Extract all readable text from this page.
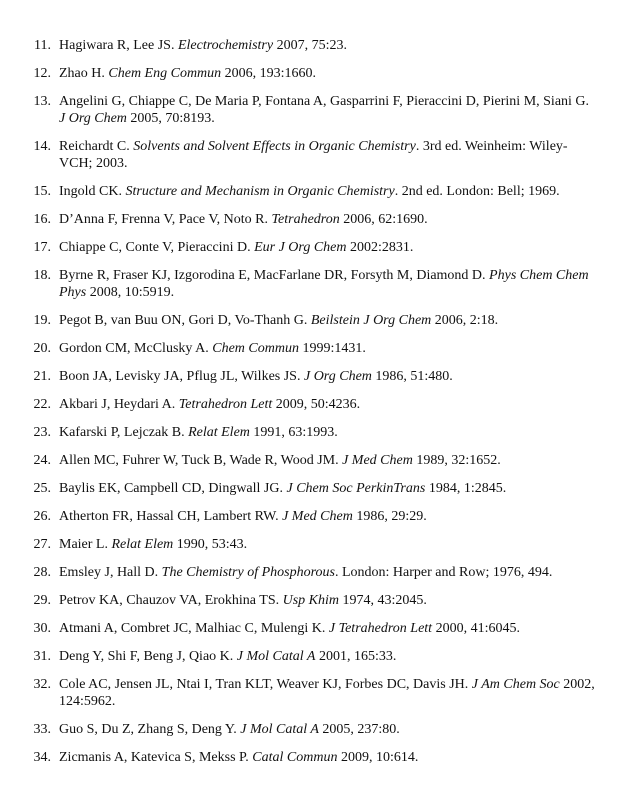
11. Hagiwara R, Lee JS. Electrochemistry 2007, 75:23.
12. Zhao H. Chem Eng Commun 2006, 193:1660.
13. Angelini G, Chiappe C, De Maria P, Fontana A, Gasparrini F, Pieraccini D, Pierini M, Siani G. J Org Chem 2005, 70:8193.
14. Reichardt C. Solvents and Solvent Effects in Organic Chemistry. 3rd ed. Weinheim: Wiley-VCH; 2003.
15. Ingold CK. Structure and Mechanism in Organic Chemistry. 2nd ed. London: Bell; 1969.
16. D’Anna F, Frenna V, Pace V, Noto R. Tetrahedron 2006, 62:1690.
17. Chiappe C, Conte V, Pieraccini D. Eur J Org Chem 2002:2831.
18. Byrne R, Fraser KJ, Izgorodina E, MacFarlane DR, Forsyth M, Diamond D. Phys Chem Chem Phys 2008, 10:5919.
19. Pegot B, van Buu ON, Gori D, Vo-Thanh G. Beilstein J Org Chem 2006, 2:18.
20. Gordon CM, McClusky A. Chem Commun 1999:1431.
21. Boon JA, Levisky JA, Pflug JL, Wilkes JS. J Org Chem 1986, 51:480.
22. Akbari J, Heydari A. Tetrahedron Lett 2009, 50:4236.
23. Kafarski P, Lejczak B. Relat Elem 1991, 63:1993.
24. Allen MC, Fuhrer W, Tuck B, Wade R, Wood JM. J Med Chem 1989, 32:1652.
25. Baylis EK, Campbell CD, Dingwall JG. J Chem Soc PerkinTrans 1984, 1:2845.
26. Atherton FR, Hassal CH, Lambert RW. J Med Chem 1986, 29:29.
27. Maier L. Relat Elem 1990, 53:43.
28. Emsley J, Hall D. The Chemistry of Phosphorous. London: Harper and Row; 1976, 494.
29. Petrov KA, Chauzov VA, Erokhina TS. Usp Khim 1974, 43:2045.
30. Atmani A, Combret JC, Malhiac C, Mulengi K. J Tetrahedron Lett 2000, 41:6045.
31. Deng Y, Shi F, Beng J, Qiao K. J Mol Catal A 2001, 165:33.
32. Cole AC, Jensen JL, Ntai I, Tran KLT, Weaver KJ, Forbes DC, Davis JH. J Am Chem Soc 2002, 124:5962.
33. Guo S, Du Z, Zhang S, Deng Y. J Mol Catal A 2005, 237:80.
34. Zicmanis A, Katevica S, Mekss P. Catal Commun 2009, 10:614.
